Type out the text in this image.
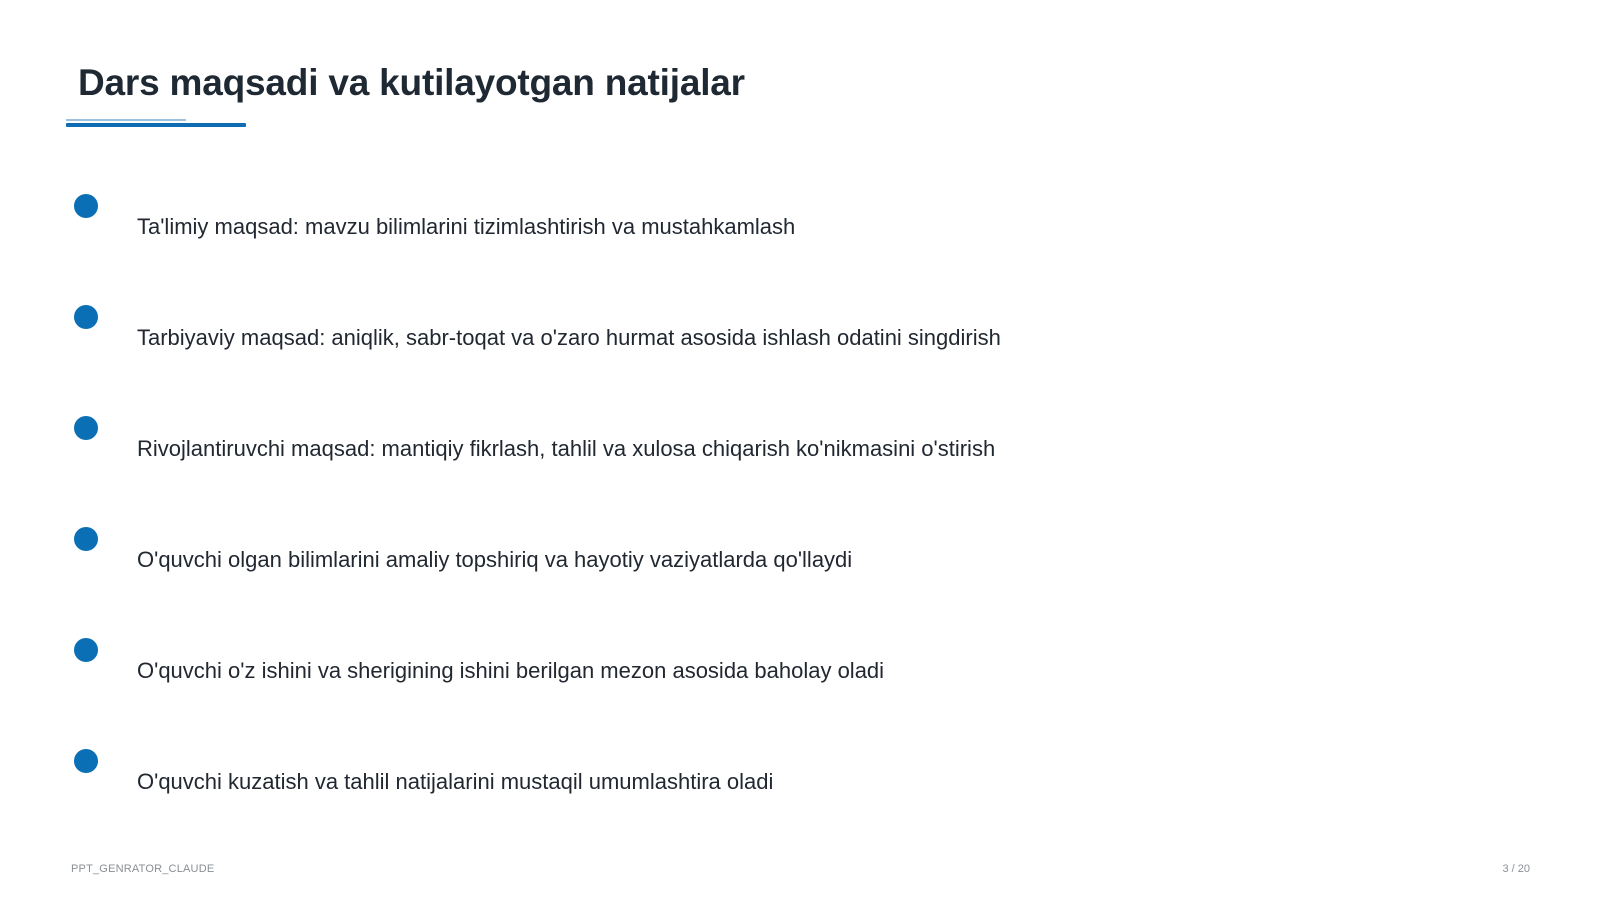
Dars maqsadi va kutilayotgan natijalar
Ta'limiy maqsad: mavzu bilimlarini tizimlashtirish va mustahkamlash
Tarbiyaviy maqsad: aniqlik, sabr-toqat va o'zaro hurmat asosida ishlash odatini singdirish
Rivojlantiruvchi maqsad: mantiqiy fikrlash, tahlil va xulosa chiqarish ko'nikmasini o'stirish
O'quvchi olgan bilimlarini amaliy topshiriq va hayotiy vaziyatlarda qo'llaydi
O'quvchi o'z ishini va sherigining ishini berilgan mezon asosida baholay oladi
O'quvchi kuzatish va tahlil natijalarini mustaqil umumlashtira oladi
PPT_GENRATOR_CLAUDE	3 / 20
